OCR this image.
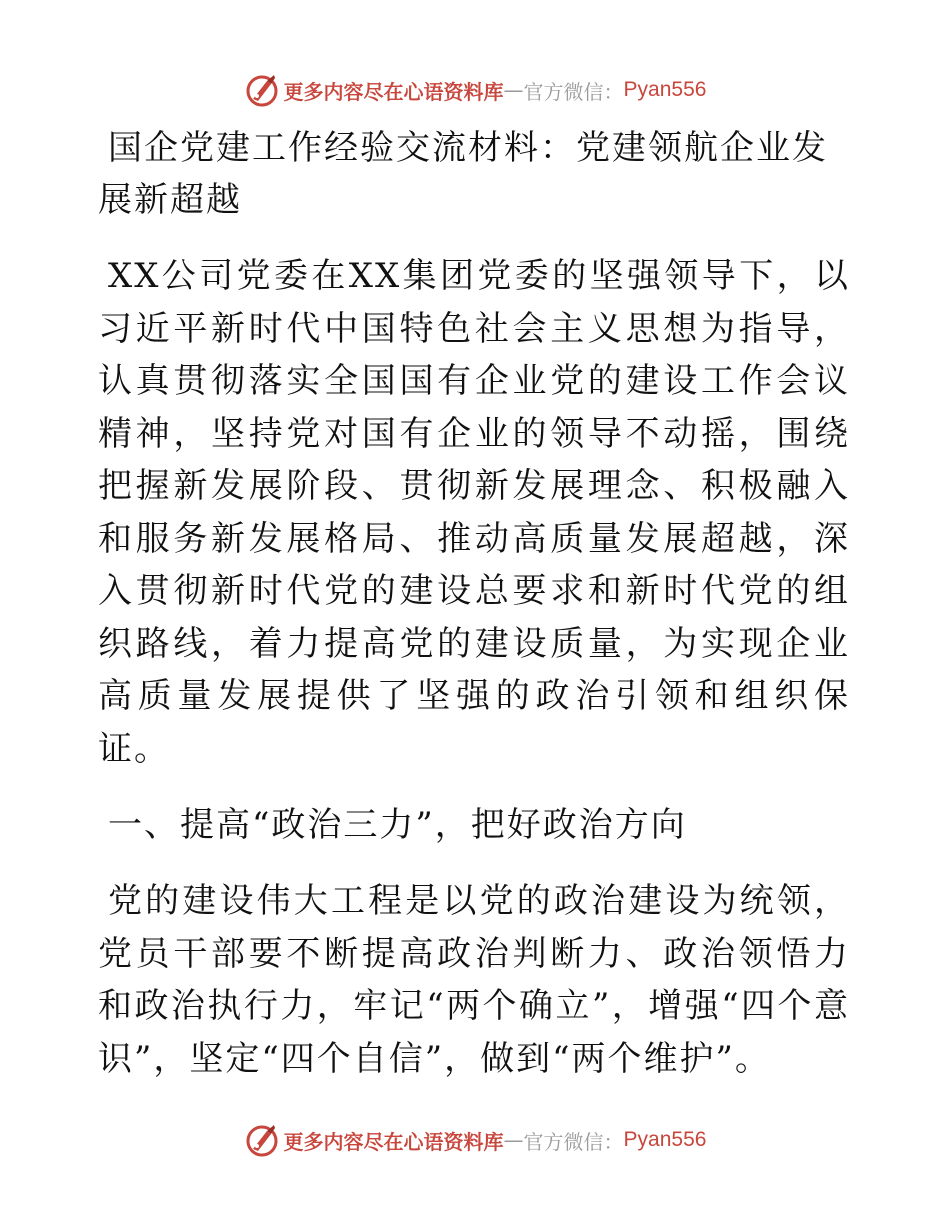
更多内容尽在心语资料库 — 官方微信： Pyan556
国企党建工作经验交流材料：党建领航企业发展新超越

XX公司党委在XX集团党委的坚强领导下，以习近平新时代中国特色社会主义思想为指导，认真贯彻落实全国国有企业党的建设工作会议精神，坚持党对国有企业的领导不动摇，围绕把握新发展阶段、贯彻新发展理念、积极融入和服务新发展格局、推动高质量发展超越，深入贯彻新时代党的建设总要求和新时代党的组织路线，着力提高党的建设质量，为实现企业高质量发展提供了坚强的政治引领和组织保证。

一、提高“政治三力”，把好政治方向

党的建设伟大工程是以党的政治建设为统领，党员干部要不断提高政治判断力、政治领悟力和政治执行力，牢记“两个确立”，增强“四个意识”，坚定“四个自信”，做到“两个维护”。

更多内容尽在心语资料库 — 官方微信： Pyan556
